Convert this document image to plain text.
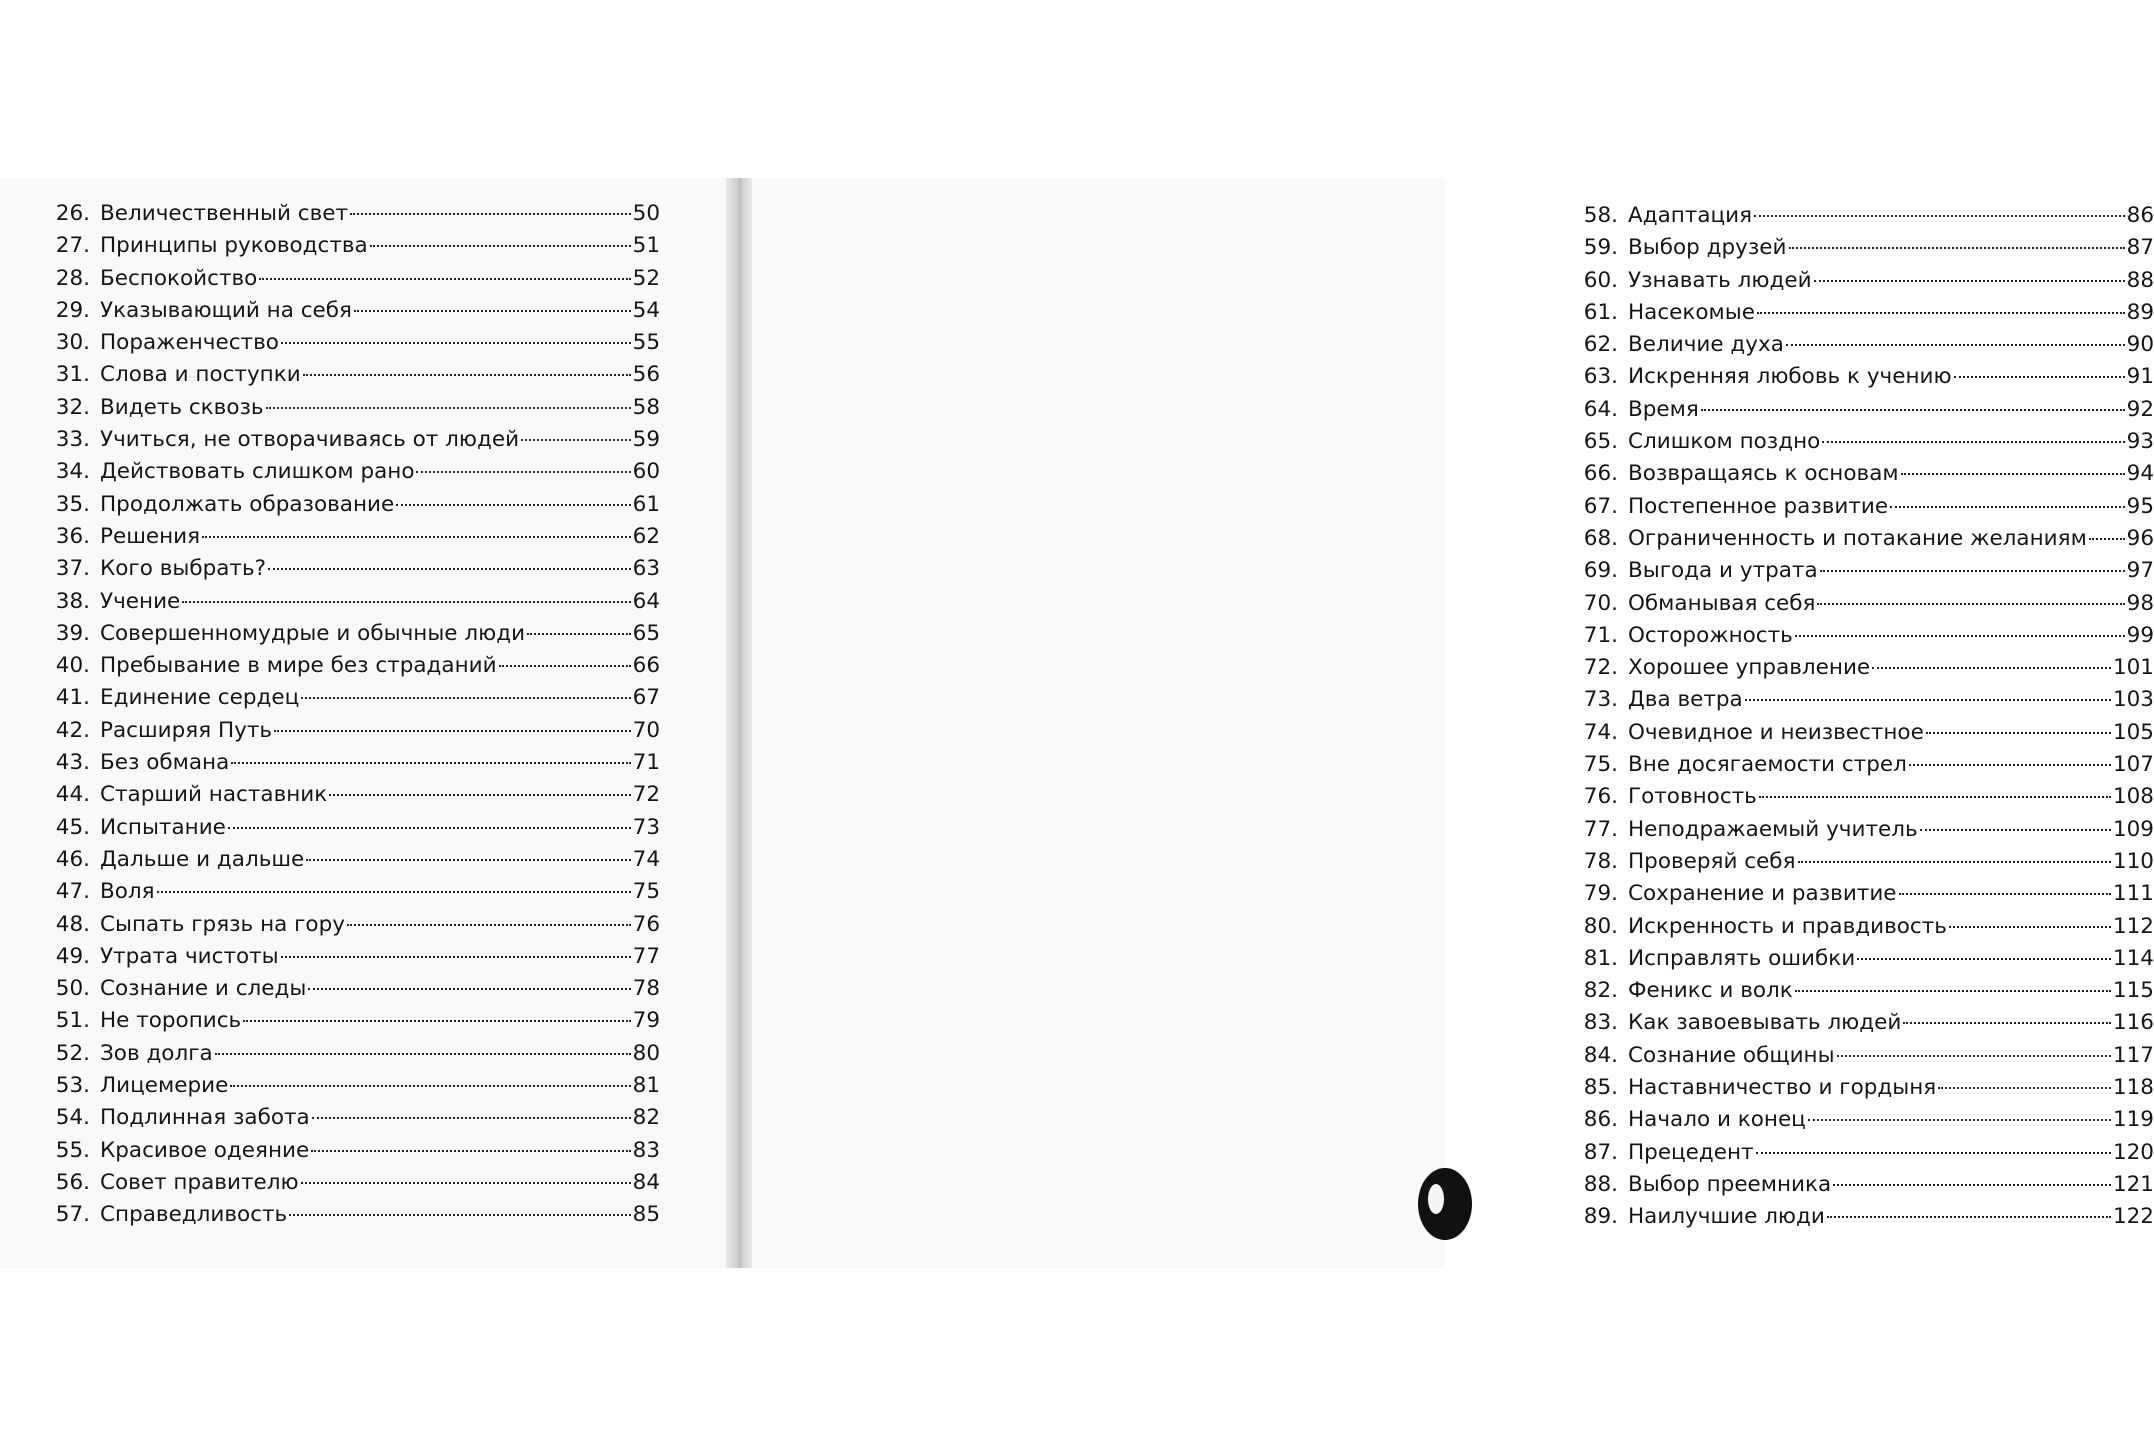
26. Величественный свет	50
27. Принципы руководства	51
28. Беспокойство	52
29. Указывающий на себя	54
30. Пораженчество	55
31. Слова и поступки	56
32. Видеть сквозь	58
33. Учиться, не отворачиваясь от людей	59
34. Действовать слишком рано	60
35. Продолжать образование	61
36. Решения	62
37. Кого выбрать?	63
38. Учение	64
39. Совершенномудрые и обычные люди	65
40. Пребывание в мире без страданий	66
41. Единение сердец	67
42. Расширяя Путь	70
43. Без обмана	71
44. Старший наставник	72
45. Испытание	73
46. Дальше и дальше	74
47. Воля	75
48. Сыпать грязь на гору	76
49. Утрата чистоты	77
50. Сознание и следы	78
51. Не торопись	79
52. Зов долга	80
53. Лицемерие	81
54. Подлинная забота	82
55. Красивое одеяние	83
56. Совет правителю	84
57. Справедливость	85
58. Адаптация	86
59. Выбор друзей	87
60. Узнавать людей	88
61. Насекомые	89
62. Величие духа	90
63. Искренняя любовь к учению	91
64. Время	92
65. Слишком поздно	93
66. Возвращаясь к основам	94
67. Постепенное развитие	95
68. Ограниченность и потакание желаниям 96
69. Выгода и утрата	97
70. Обманывая себя	98
71. Осторожность	99
72. Хорошее управление	101
73. Два ветра	103
74. Очевидное и неизвестное	105
75. Вне досягаемости стрел	107
76. Готовность	108
77. Неподражаемый учитель	109
78. Проверяй себя	110
79. Сохранение и развитие	111
80. Искренность и правдивость	112
81. Исправлять ошибки	114
82. Феникс и волк	115
83. Как завоевывать людей	116
84. Сознание общины	117
85. Наставничество и гордыня	118
86. Начало и конец	119
87. Прецедент	120
88. Выбор преемника	121
89. Наилучшие люди	122
